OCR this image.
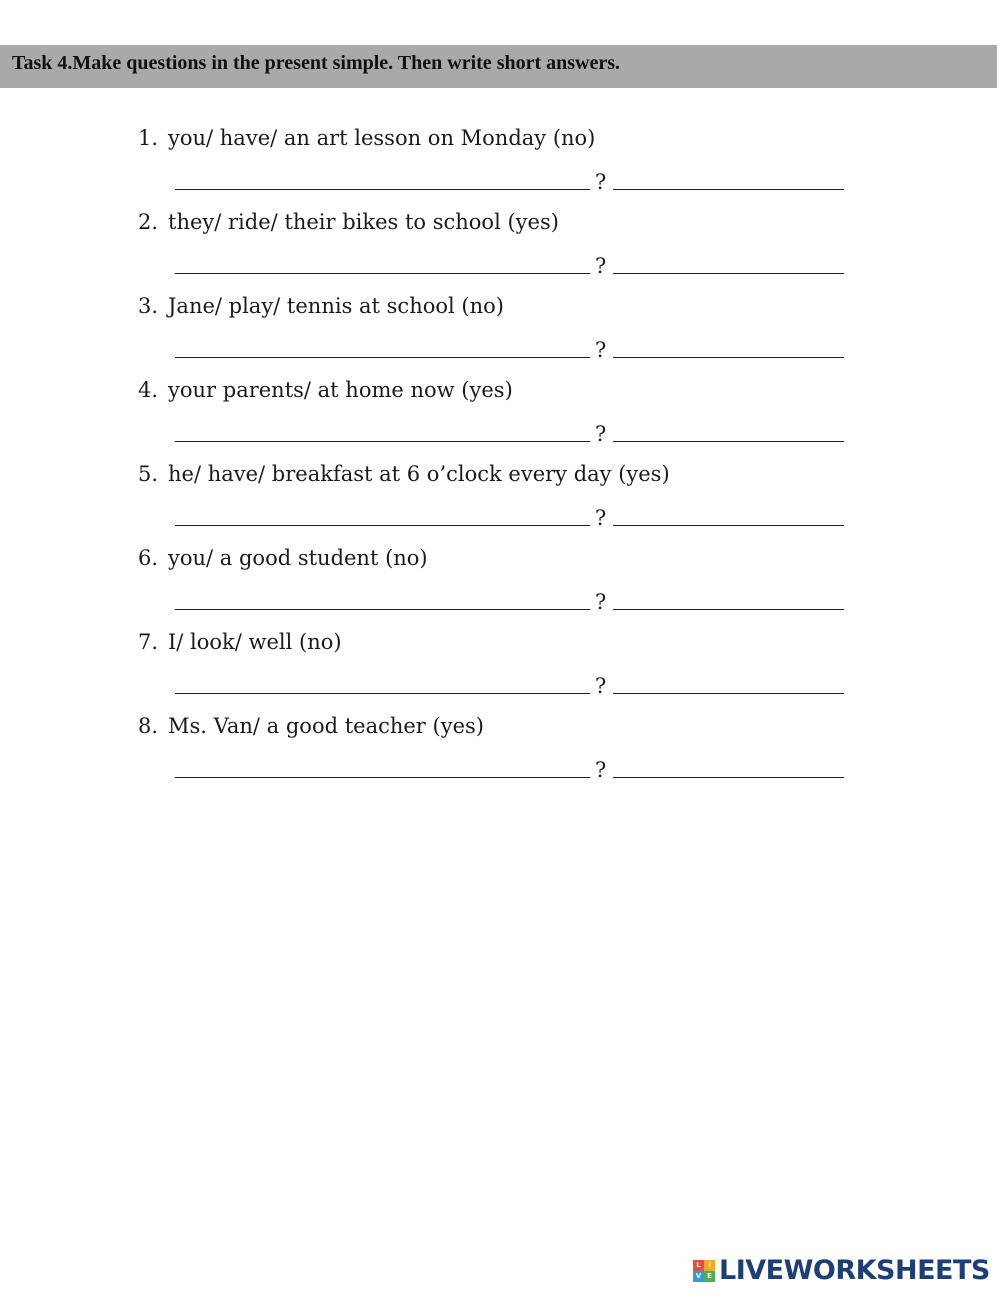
Task 4.Make questions in the present simple. Then write short answers.
1. you/ have/ an art lesson on Monday (no)
?
2. they/ ride/ their bikes to school (yes)
?
3. Jane/ play/ tennis at school (no)
?
4. your parents/ at home now (yes)
?
5. he/ have/ breakfast at 6 o’clock every day (yes)
?
6. you/ a good student (no)
?
7. I/ look/ well (no)
?
8. Ms. Van/ a good teacher (yes)
?
L	I
V E LIVEWORKSHEETS
